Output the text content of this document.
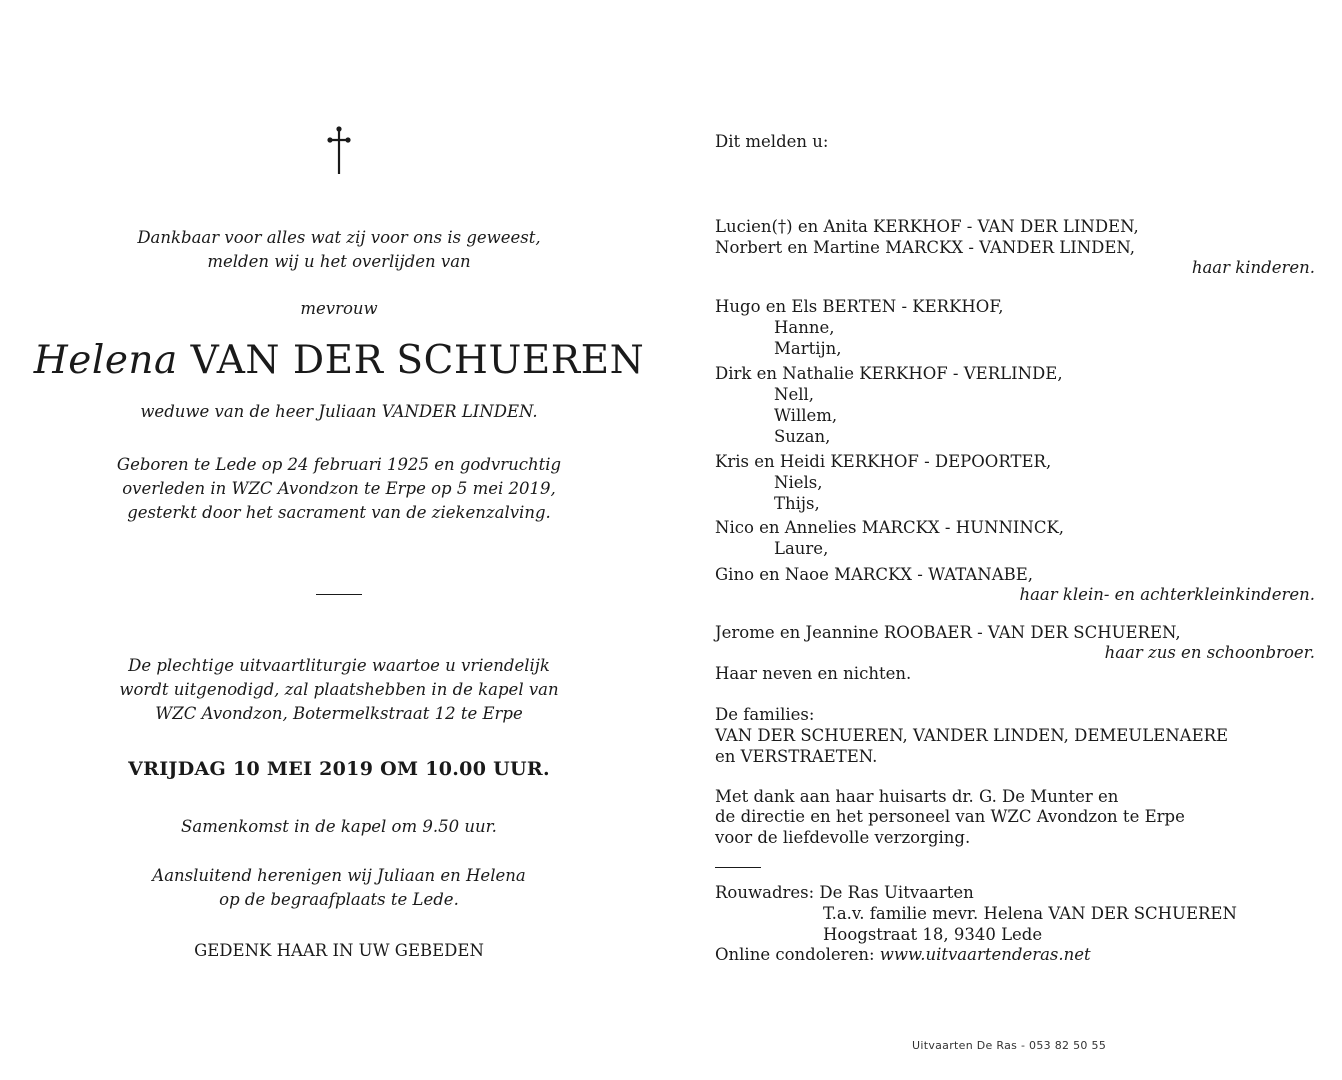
Dankbaar voor alles wat zij voor ons is geweest,
melden wij u het overlijden van
mevrouw
Helena VAN DER SCHUEREN
weduwe van de heer Juliaan VANDER LINDEN.
Geboren te Lede op 24 februari 1925 en godvruchtig
overleden in WZC Avondzon te Erpe op 5 mei 2019,
gesterkt door het sacrament van de ziekenzalving.
De plechtige uitvaartliturgie waartoe u vriendelijk
wordt uitgenodigd, zal plaatshebben in de kapel van
WZC Avondzon, Botermelkstraat 12 te Erpe
VRIJDAG 10 MEI 2019 OM 10.00 UUR.
Samenkomst in de kapel om 9.50 uur.
Aansluitend herenigen wij Juliaan en Helena
op de begraafplaats te Lede.
GEDENK HAAR IN UW GEBEDEN
Dit melden u:
Lucien(†) en Anita KERKHOF - VAN DER LINDEN,
Norbert en Martine MARCKX - VANDER LINDEN,
haar kinderen.
Hugo en Els BERTEN - KERKHOF,
Hanne,
Martijn,
Dirk en Nathalie KERKHOF - VERLINDE,
Nell,
Willem,
Suzan,
Kris en Heidi KERKHOF - DEPOORTER,
Niels,
Thijs,
Nico en Annelies MARCKX - HUNNINCK,
Laure,
Gino en Naoe MARCKX - WATANABE,
haar klein- en achterkleinkinderen.
Jerome en Jeannine ROOBAER - VAN DER SCHUEREN,
haar zus en schoonbroer.
Haar neven en nichten.
De families:
VAN DER SCHUEREN, VANDER LINDEN, DEMEULENAERE
en VERSTRAETEN.
Met dank aan haar huisarts dr. G. De Munter en
de directie en het personeel van WZC Avondzon te Erpe
voor de liefdevolle verzorging.
Rouwadres: De Ras Uitvaarten
T.a.v. familie mevr. Helena VAN DER SCHUEREN
Hoogstraat 18, 9340 Lede
Online condoleren: www.uitvaartenderas.net
Uitvaarten De Ras - 053 82 50 55
